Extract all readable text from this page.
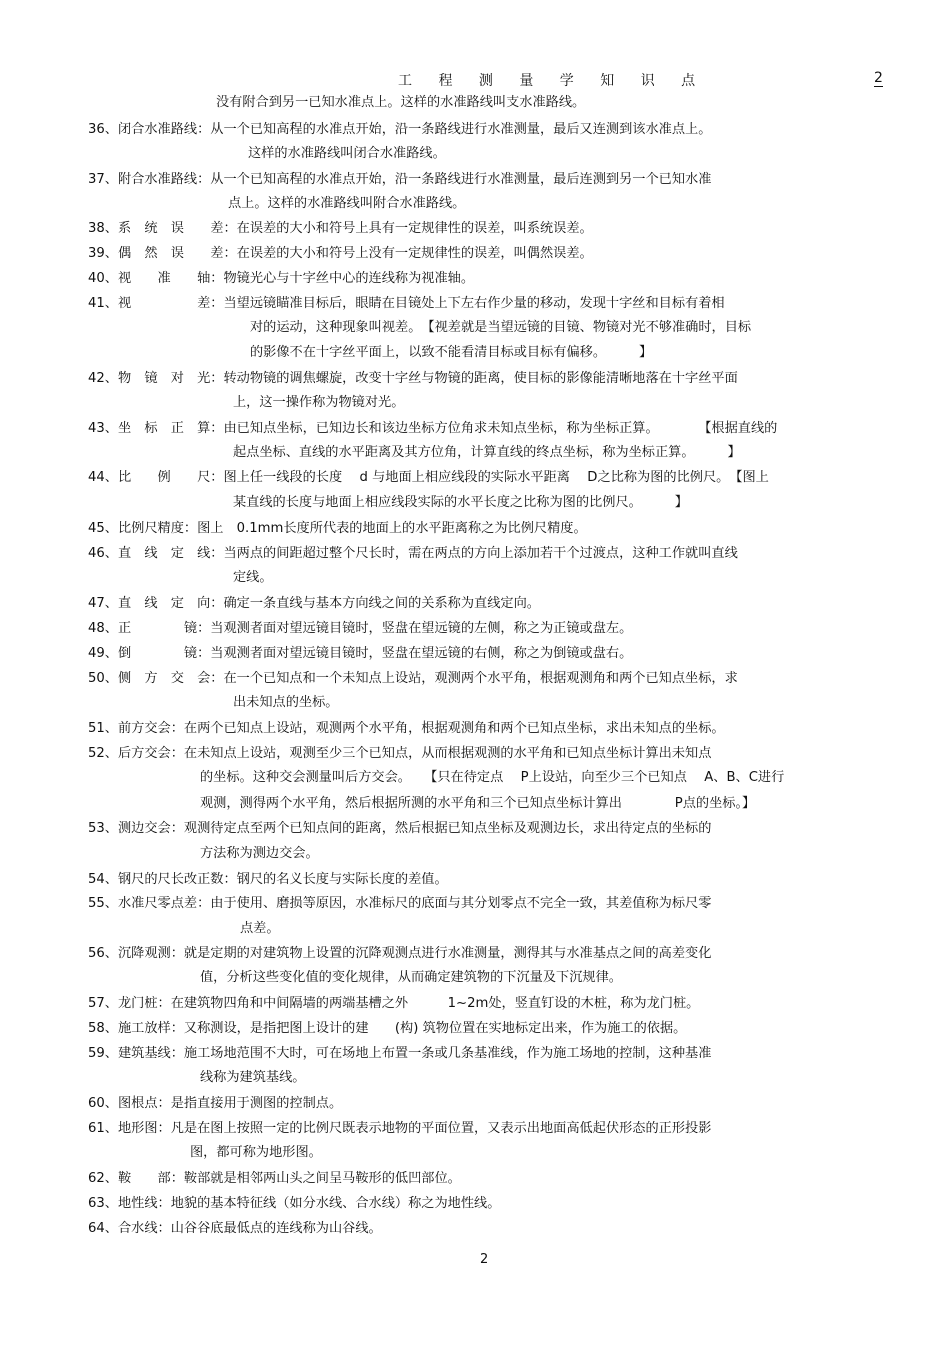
工 程 测 量 学 知 识 点	2
没有附合到另一已知水准点上。这样的水准路线叫支水准路线。
36、闭合水准路线：从一个已知高程的水准点开始，沿一条路线进行水准测量，最后又连测到该水准点上。
这样的水准路线叫闭合水准路线。
37、附合水准路线：从一个已知高程的水准点开始，沿一条路线进行水准测量，最后连测到另一个已知水准
点上。这样的水准路线叫附合水准路线。
38、系　统　误　　差：在误差的大小和符号上具有一定规律性的误差，叫系统误差。
39、偶　然　误　　差：在误差的大小和符号上没有一定规律性的误差，叫偶然误差。
40、视　　准　　轴：物镜光心与十字丝中心的连线称为视准轴。
41、视　　　　　差：当望远镜瞄准目标后，眼睛在目镜处上下左右作少量的移动，发现十字丝和目标有着相
对的运动，这种现象叫视差。　【视差就是当望远镜的目镜、物镜对光不够准确时，目标
的影像不在十字丝平面上，以致不能看清目标或目标有偏移。　　　】
42、物　镜　对　光：转动物镜的调焦螺旋，改变十字丝与物镜的距离，使目标的影像能清晰地落在十字丝平面
上，这一操作称为物镜对光。
43、坐　标　正　算：由已知点坐标，已知边长和该边坐标方位角求未知点坐标，称为坐标正算。　　　　【根据直线的
起点坐标、直线的水平距离及其方位角，计算直线的终点坐标，称为坐标正算。　　　】
44、比　　例　　尺：图上任一线段的长度　 d 与地面上相应线段的实际水平距离　 D之比称为图的比例尺。　【图上
某直线的长度与地面上相应线段实际的水平长度之比称为图的比例尺。　　　】
45、比例尺精度：图上　0.1mm长度所代表的地面上的水平距离称之为比例尺精度。
46、直　线　定　线：当两点的间距超过整个尺长时，需在两点的方向上添加若干个过渡点，这种工作就叫直线
定线。
47、直　线　定　向：确定一条直线与基本方向线之间的关系称为直线定向。
48、正　　　　镜：当观测者面对望远镜目镜时，竖盘在望远镜的左侧，称之为正镜或盘左。
49、倒　　　　镜：当观测者面对望远镜目镜时，竖盘在望远镜的右侧，称之为倒镜或盘右。
50、侧　方　交　会：在一个已知点和一个未知点上设站，观测两个水平角，根据观测角和两个已知点坐标，求
出未知点的坐标。
51、前方交会：在两个已知点上设站，观测两个水平角，根据观测角和两个已知点坐标，求出未知点的坐标。
52、后方交会：在未知点上设站，观测至少三个已知点，从而根据观测的水平角和已知点坐标计算出未知点
的坐标。这种交会测量叫后方交会。　　【只在待定点　 P上设站，向至少三个已知点　 A、B、C进行
观测，测得两个水平角，然后根据所测的水平角和三个已知点坐标计算出　　　　P点的坐标。】
53、测边交会：观测待定点至两个已知点间的距离，然后根据已知点坐标及观测边长，求出待定点的坐标的
方法称为测边交会。
54、钢尺的尺长改正数：钢尺的名义长度与实际长度的差值。
55、水准尺零点差：由于使用、磨损等原因，水准标尺的底面与其分划零点不完全一致，其差值称为标尺零
点差。
56、沉降观测：就是定期的对建筑物上设置的沉降观测点进行水准测量，测得其与水准基点之间的高差变化
值，分析这些变化值的变化规律，从而确定建筑物的下沉量及下沉规律。
57、龙门桩：在建筑物四角和中间隔墙的两端基槽之外　　　1~2m处，竖直钉设的木桩，称为龙门桩。
58、施工放样：又称测设，是指把图上设计的建　　(构) 筑物位置在实地标定出来，作为施工的依据。
59、建筑基线：施工场地范围不大时，可在场地上布置一条或几条基准线，作为施工场地的控制，这种基准
线称为建筑基线。
60、图根点：是指直接用于测图的控制点。
61、地形图：凡是在图上按照一定的比例尺既表示地物的平面位置，又表示出地面高低起伏形态的正形投影
图，都可称为地形图。
62、鞍　　部：鞍部就是相邻两山头之间呈马鞍形的低凹部位。
63、地性线：地貌的基本特征线（如分水线、合水线）称之为地性线。
64、合水线：山谷谷底最低点的连线称为山谷线。
2
